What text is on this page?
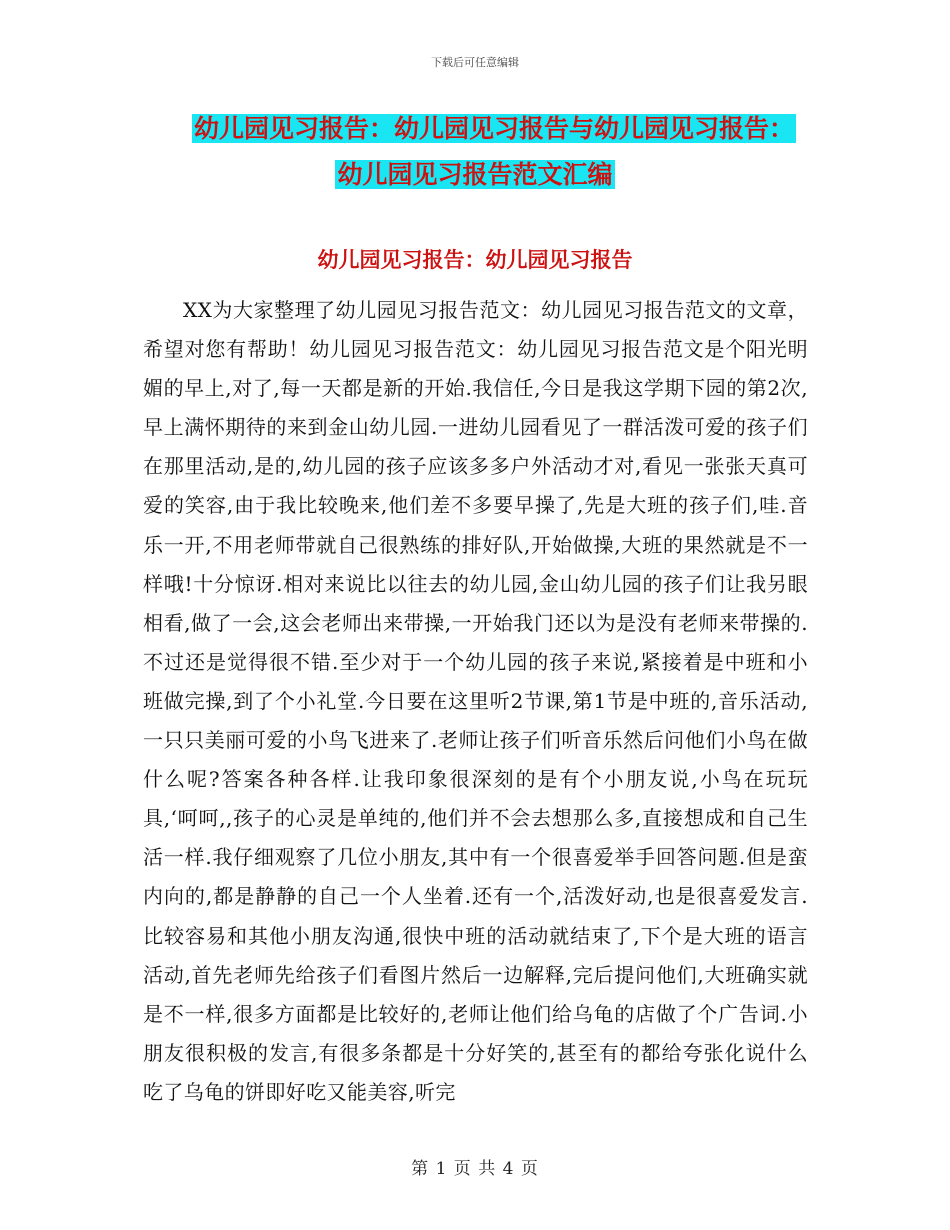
下载后可任意编辑
幼儿园见习报告：幼儿园见习报告与幼儿园见习报告：
幼儿园见习报告范文汇编
幼儿园见习报告：幼儿园见习报告

XX为大家整理了幼儿园见习报告范文：幼儿园见习报告范文的文章，希望对您有帮助！幼儿园见习报告范文：幼儿园见习报告范文是个阳光明媚的早上,对了,每一天都是新的开始.我信任,今日是我这学期下园的第2次,早上满怀期待的来到金山幼儿园.一进幼儿园看见了一群活泼可爱的孩子们在那里活动,是的,幼儿园的孩子应该多多户外活动才对,看见一张张天真可爱的笑容,由于我比较晚来,他们差不多要早操了,先是大班的孩子们,哇.音乐一开,不用老师带就自己很熟练的排好队,开始做操,大班的果然就是不一样哦!十分惊讶.相对来说比以往去的幼儿园,金山幼儿园的孩子们让我另眼相看,做了一会,这会老师出来带操,一开始我门还以为是没有老师来带操的.不过还是觉得很不错.至少对于一个幼儿园的孩子来说,紧接着是中班和小班做完操,到了个小礼堂.今日要在这里听2节课,第1节是中班的,音乐活动,一只只美丽可爱的小鸟飞进来了.老师让孩子们听音乐然后问他们小鸟在做什么呢?答案各种各样.让我印象很深刻的是有个小朋友说,小鸟在玩玩具,‘呵呵,,孩子的心灵是单纯的,他们并不会去想那么多,直接想成和自己生活一样.我仔细观察了几位小朋友,其中有一个很喜爱举手回答问题.但是蛮内向的,都是静静的自己一个人坐着.还有一个,活泼好动,也是很喜爱发言.比较容易和其他小朋友沟通,很快中班的活动就结束了,下个是大班的语言活动,首先老师先给孩子们看图片然后一边解释,完后提问他们,大班确实就是不一样,很多方面都是比较好的,老师让他们给乌龟的店做了个广告词.小朋友很积极的发言,有很多条都是十分好笑的,甚至有的都给夸张化说什么吃了乌龟的饼即好吃又能美容,听完

第 1 页 共 4 页
